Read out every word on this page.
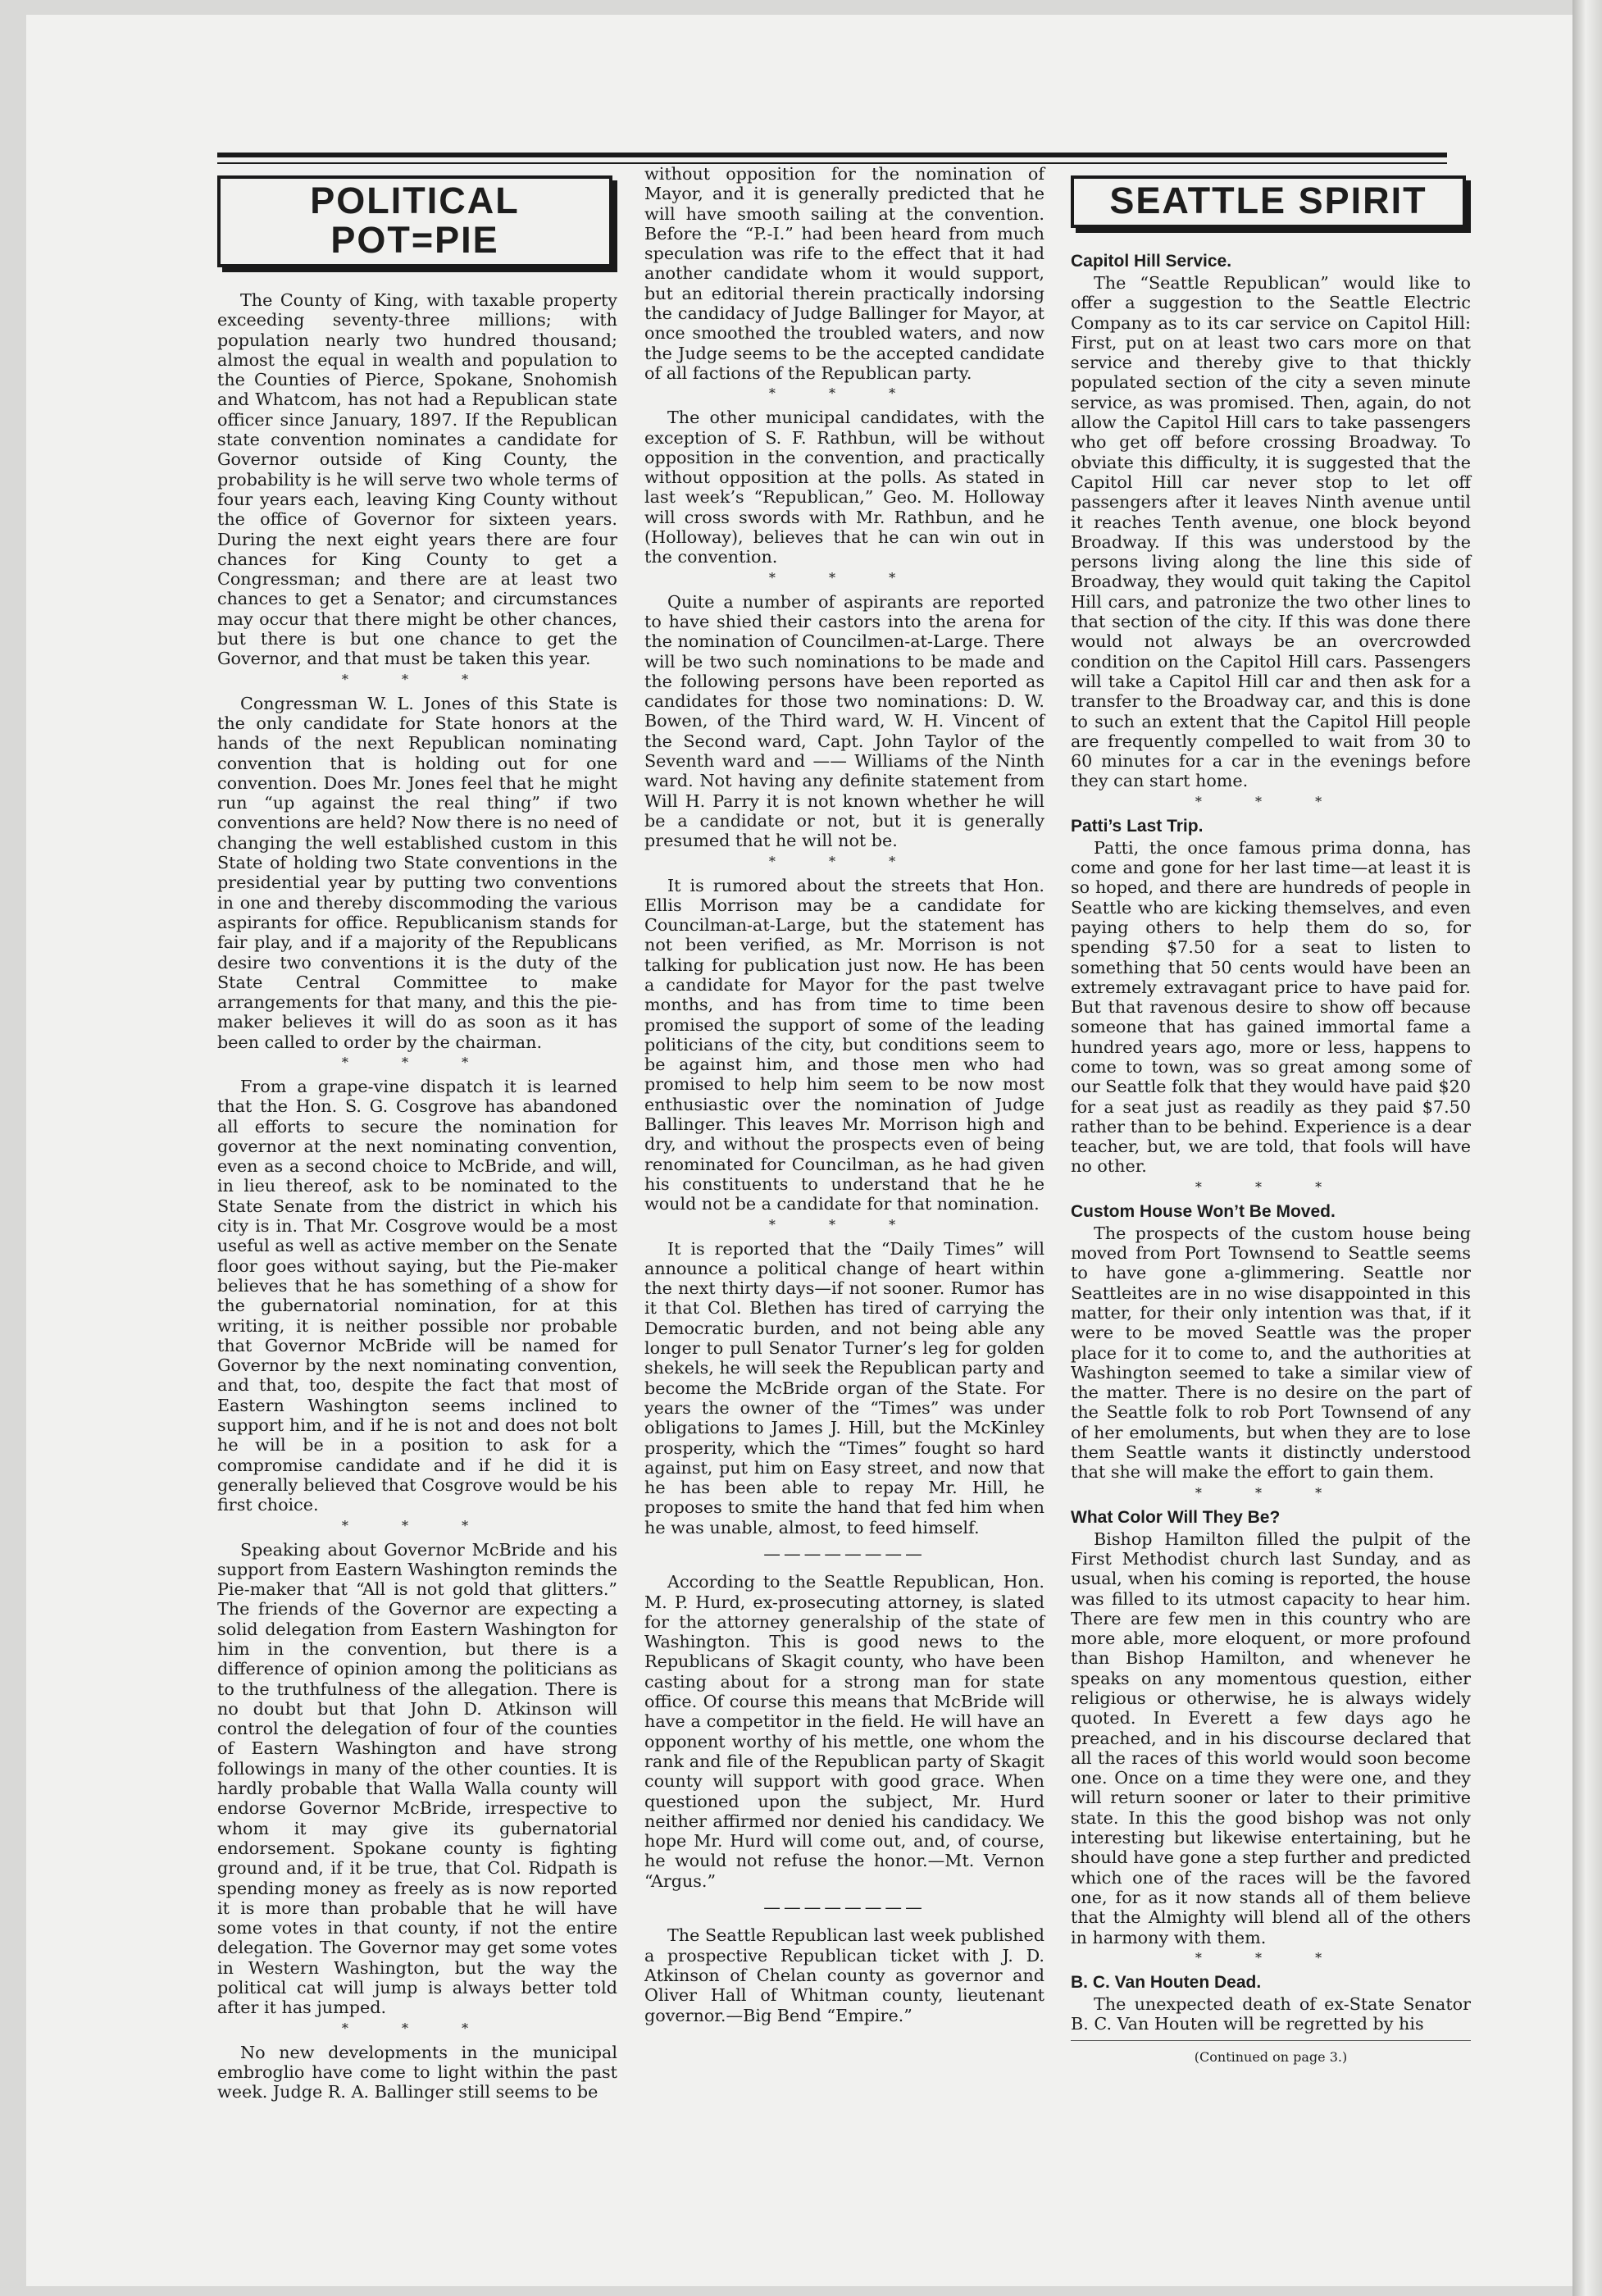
POLITICAL POT=PIE

The County of King, with taxable property exceeding seventy-three millions; with population nearly two hundred thousand; almost the equal in wealth and population to the Counties of Pierce, Spokane, Snohomish and Whatcom, has not had a Republican state officer since January, 1897. If the Republican state convention nominates a candidate for Governor outside of King County, the probability is he will serve two whole terms of four years each, leaving King County without the office of Governor for sixteen years. During the next eight years there are four chances for King County to get a Congressman; and there are at least two chances to get a Senator; and circumstances may occur that there might be other chances, but there is but one chance to get the Governor, and that must be taken this year.

* * *

Congressman W. L. Jones of this State is the only candidate for State honors at the hands of the next Republican nominating convention that is holding out for one convention. Does Mr. Jones feel that he might run “up against the real thing” if two conventions are held? Now there is no need of changing the well established custom in this State of holding two State conventions in the presidential year by putting two conventions in one and thereby discommoding the various aspirants for office. Republicanism stands for fair play, and if a majority of the Republicans desire two conventions it is the duty of the State Central Committee to make arrangements for that many, and this the pie-maker believes it will do as soon as it has been called to order by the chairman.

* * *

From a grape-vine dispatch it is learned that the Hon. S. G. Cosgrove has abandoned all efforts to secure the nomination for governor at the next nominating convention, even as a second choice to McBride, and will, in lieu thereof, ask to be nominated to the State Senate from the district in which his city is in. That Mr. Cosgrove would be a most useful as well as active member on the Senate floor goes without saying, but the Pie-maker believes that he has something of a show for the gubernatorial nomination, for at this writing, it is neither possible nor probable that Governor McBride will be named for Governor by the next nominating convention, and that, too, despite the fact that most of Eastern Washington seems inclined to support him, and if he is not and does not bolt he will be in a position to ask for a compromise candidate and if he did it is generally believed that Cosgrove would be his first choice.

* * *

Speaking about Governor McBride and his support from Eastern Washington reminds the Pie-maker that “All is not gold that glitters.” The friends of the Governor are expecting a solid delegation from Eastern Washington for him in the convention, but there is a difference of opinion among the politicians as to the truthfulness of the allegation. There is no doubt but that John D. Atkinson will control the delegation of four of the counties of Eastern Washington and have strong followings in many of the other counties. It is hardly probable that Walla Walla county will endorse Governor McBride, irrespective to whom it may give its gubernatorial endorsement. Spokane county is fighting ground and, if it be true, that Col. Ridpath is spending money as freely as is now reported it is more than probable that he will have some votes in that county, if not the entire delegation. The Governor may get some votes in Western Washington, but the way the political cat will jump is always better told after it has jumped.

* * *

No new developments in the municipal embroglio have come to light within the past week. Judge R. A. Ballinger still seems to be

without opposition for the nomination of Mayor, and it is generally predicted that he will have smooth sailing at the convention. Before the “P.-I.” had been heard from much speculation was rife to the effect that it had another candidate whom it would support, but an editorial therein practically indorsing the candidacy of Judge Ballinger for Mayor, at once smoothed the troubled waters, and now the Judge seems to be the accepted candidate of all factions of the Republican party.

* * *

The other municipal candidates, with the exception of S. F. Rathbun, will be without opposition in the convention, and practically without opposition at the polls. As stated in last week’s “Republican,” Geo. M. Holloway will cross swords with Mr. Rathbun, and he (Holloway), believes that he can win out in the convention.

* * *

Quite a number of aspirants are reported to have shied their castors into the arena for the nomination of Councilmen-at-Large. There will be two such nominations to be made and the following persons have been reported as candidates for those two nominations: D. W. Bowen, of the Third ward, W. H. Vincent of the Second ward, Capt. John Taylor of the Seventh ward and —— Williams of the Ninth ward. Not having any definite statement from Will H. Parry it is not known whether he will be a candidate or not, but it is generally presumed that he will not be.

* * *

It is rumored about the streets that Hon. Ellis Morrison may be a candidate for Councilman-at-Large, but the statement has not been verified, as Mr. Morrison is not talking for publication just now. He has been a candidate for Mayor for the past twelve months, and has from time to time been promised the support of some of the leading politicians of the city, but conditions seem to be against him, and those men who had promised to help him seem to be now most enthusiastic over the nomination of Judge Ballinger. This leaves Mr. Morrison high and dry, and without the prospects even of being renominated for Councilman, as he had given his constituents to understand that he he would not be a candidate for that nomination.

* * *

It is reported that the “Daily Times” will announce a political change of heart within the next thirty days—if not sooner. Rumor has it that Col. Blethen has tired of carrying the Democratic burden, and not being able any longer to pull Senator Turner’s leg for golden shekels, he will seek the Republican party and become the McBride organ of the State. For years the owner of the “Times” was under obligations to James J. Hill, but the McKinley prosperity, which the “Times” fought so hard against, put him on Easy street, and now that he has been able to repay Mr. Hill, he proposes to smite the hand that fed him when he was unable, almost, to feed himself.

————————

According to the Seattle Republican, Hon. M. P. Hurd, ex-prosecuting attorney, is slated for the attorney generalship of the state of Washington. This is good news to the Republicans of Skagit county, who have been casting about for a strong man for state office. Of course this means that McBride will have a competitor in the field. He will have an opponent worthy of his mettle, one whom the rank and file of the Republican party of Skagit county will support with good grace. When questioned upon the subject, Mr. Hurd neither affirmed nor denied his candidacy. We hope Mr. Hurd will come out, and, of course, he would not refuse the honor.—Mt. Vernon “Argus.”

————————

The Seattle Republican last week published a prospective Republican ticket with J. D. Atkinson of Chelan county as governor and Oliver Hall of Whitman county, lieutenant governor.—Big Bend “Empire.”

SEATTLE SPIRIT
Capitol Hill Service.

The “Seattle Republican” would like to offer a suggestion to the Seattle Electric Company as to its car service on Capitol Hill: First, put on at least two cars more on that service and thereby give to that thickly populated section of the city a seven minute service, as was promised. Then, again, do not allow the Capitol Hill cars to take passengers who get off before crossing Broadway. To obviate this difficulty, it is suggested that the Capitol Hill car never stop to let off passengers after it leaves Ninth avenue until it reaches Tenth avenue, one block beyond Broadway. If this was understood by the persons living along the line this side of Broadway, they would quit taking the Capitol Hill cars, and patronize the two other lines to that section of the city. If this was done there would not always be an overcrowded condition on the Capitol Hill cars. Passengers will take a Capitol Hill car and then ask for a transfer to the Broadway car, and this is done to such an extent that the Capitol Hill people are frequently compelled to wait from 30 to 60 minutes for a car in the evenings before they can start home.

* * *
Patti’s Last Trip.

Patti, the once famous prima donna, has come and gone for her last time—at least it is so hoped, and there are hundreds of people in Seattle who are kicking themselves, and even paying others to help them do so, for spending $7.50 for a seat to listen to something that 50 cents would have been an extremely extravagant price to have paid for. But that ravenous desire to show off because someone that has gained immortal fame a hundred years ago, more or less, happens to come to town, was so great among some of our Seattle folk that they would have paid $20 for a seat just as readily as they paid $7.50 rather than to be behind. Experience is a dear teacher, but, we are told, that fools will have no other.

* * *
Custom House Won’t Be Moved.

The prospects of the custom house being moved from Port Townsend to Seattle seems to have gone a-glimmering. Seattle nor Seattleites are in no wise disappointed in this matter, for their only intention was that, if it were to be moved Seattle was the proper place for it to come to, and the authorities at Washington seemed to take a similar view of the matter. There is no desire on the part of the Seattle folk to rob Port Townsend of any of her emoluments, but when they are to lose them Seattle wants it distinctly understood that she will make the effort to gain them.

* * *
What Color Will They Be?

Bishop Hamilton filled the pulpit of the First Methodist church last Sunday, and as usual, when his coming is reported, the house was filled to its utmost capacity to hear him. There are few men in this country who are more able, more eloquent, or more profound than Bishop Hamilton, and whenever he speaks on any momentous question, either religious or otherwise, he is always widely quoted. In Everett a few days ago he preached, and in his discourse declared that all the races of this world would soon become one. Once on a time they were one, and they will return sooner or later to their primitive state. In this the good bishop was not only interesting but likewise entertaining, but he should have gone a step further and predicted which one of the races will be the favored one, for as it now stands all of them believe that the Almighty will blend all of the others in harmony with them.

* * *
B. C. Van Houten Dead.

The unexpected death of ex-State Senator B. C. Van Houten will be regretted by his

(Continued on page 3.)
